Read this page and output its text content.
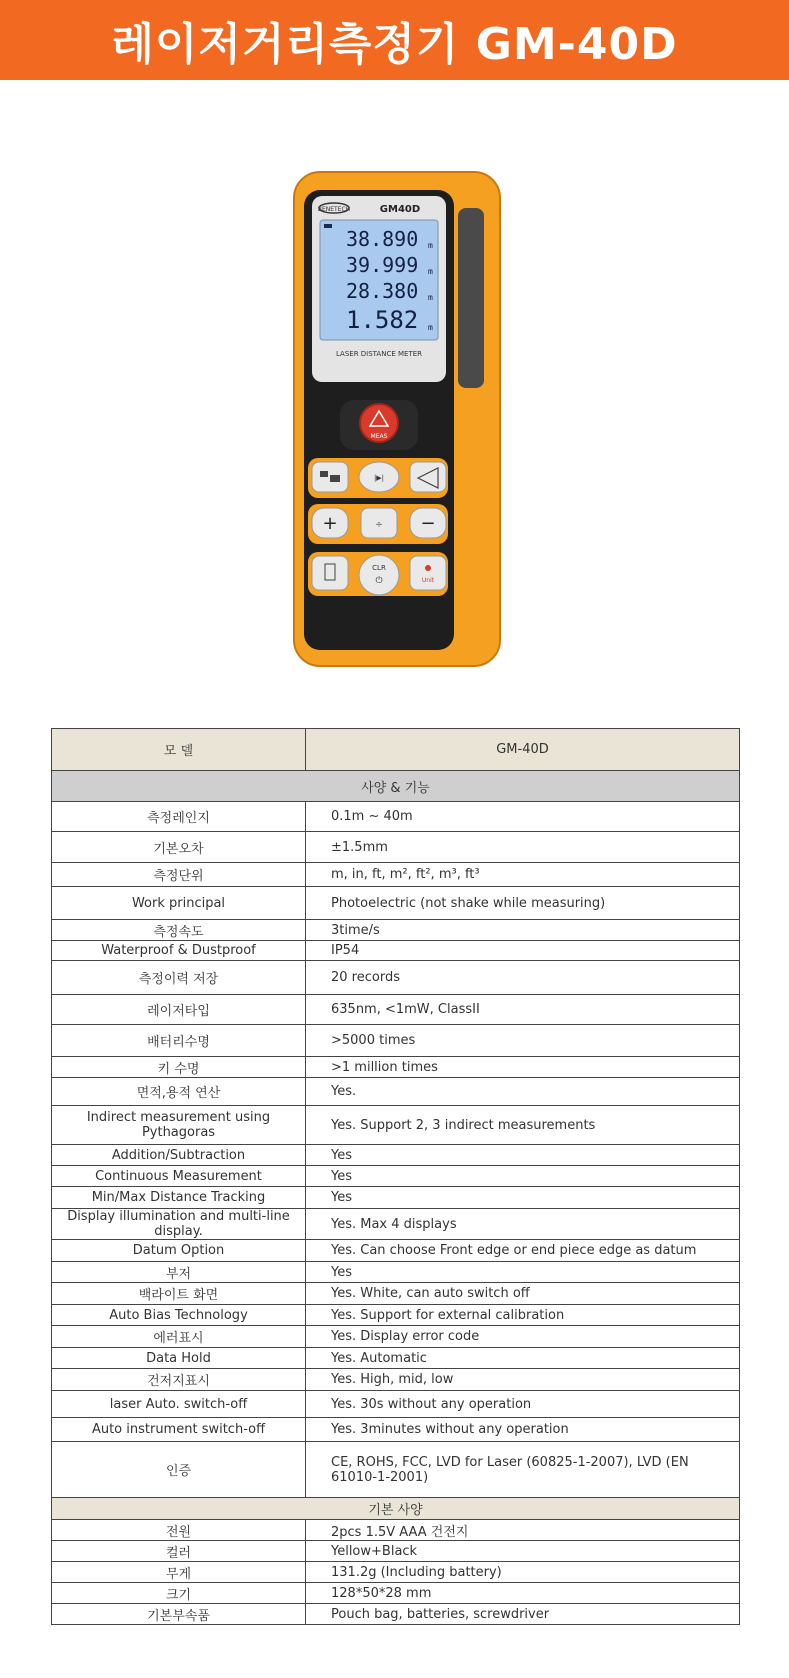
레이저거리측정기 GM-40D
BENETECH	GM40D
38.890
39.999
28.380
1.582
m
m
m
m
LASER DISTANCE METER
MEAS
|▶|
+	÷ −
CLR
⏻	Unit
모 델	GM-40D
사양 & 기능	
측정레인지	0.1m ~ 40m
기본오차	±1.5mm
측정단위	m, in, ft, m², ft², m³, ft³
Work principal	Photoelectric (not shake while measuring)
측정속도	3time/s
Waterproof & Dustproof	IP54
측정이력 저장	20 records
레이저타입	635nm, <1mW, ClassII
배터리수명	>5000 times
키 수명	>1 million times
면적,용적 연산	Yes.
Indirect measurement using Pythagoras	Yes. Support 2, 3 indirect measurements
Addition/Subtraction	Yes
Continuous Measurement	Yes
Min/Max Distance Tracking	Yes
Display illumination and multi-line display.	Yes. Max 4 displays
Datum Option	Yes. Can choose Front edge or end piece edge as datum
부저	Yes
백라이트 화면	Yes. White, can auto switch off
Auto Bias Technology	Yes. Support for external calibration
에러표시	Yes. Display error code
Data Hold	Yes. Automatic
건저지표시	Yes. High, mid, low
laser Auto. switch-off	Yes. 30s without any operation
Auto instrument switch-off	Yes. 3minutes without any operation
인증	CE, ROHS, FCC, LVD for Laser (60825-1-2007), LVD (EN 61010-1-2001)
기본 사양	
전원	2pcs 1.5V AAA 건전지
컬러	Yellow+Black
무게	131.2g (Including battery)
크기	128*50*28 mm
기본부속품	Pouch bag, batteries, screwdriver
